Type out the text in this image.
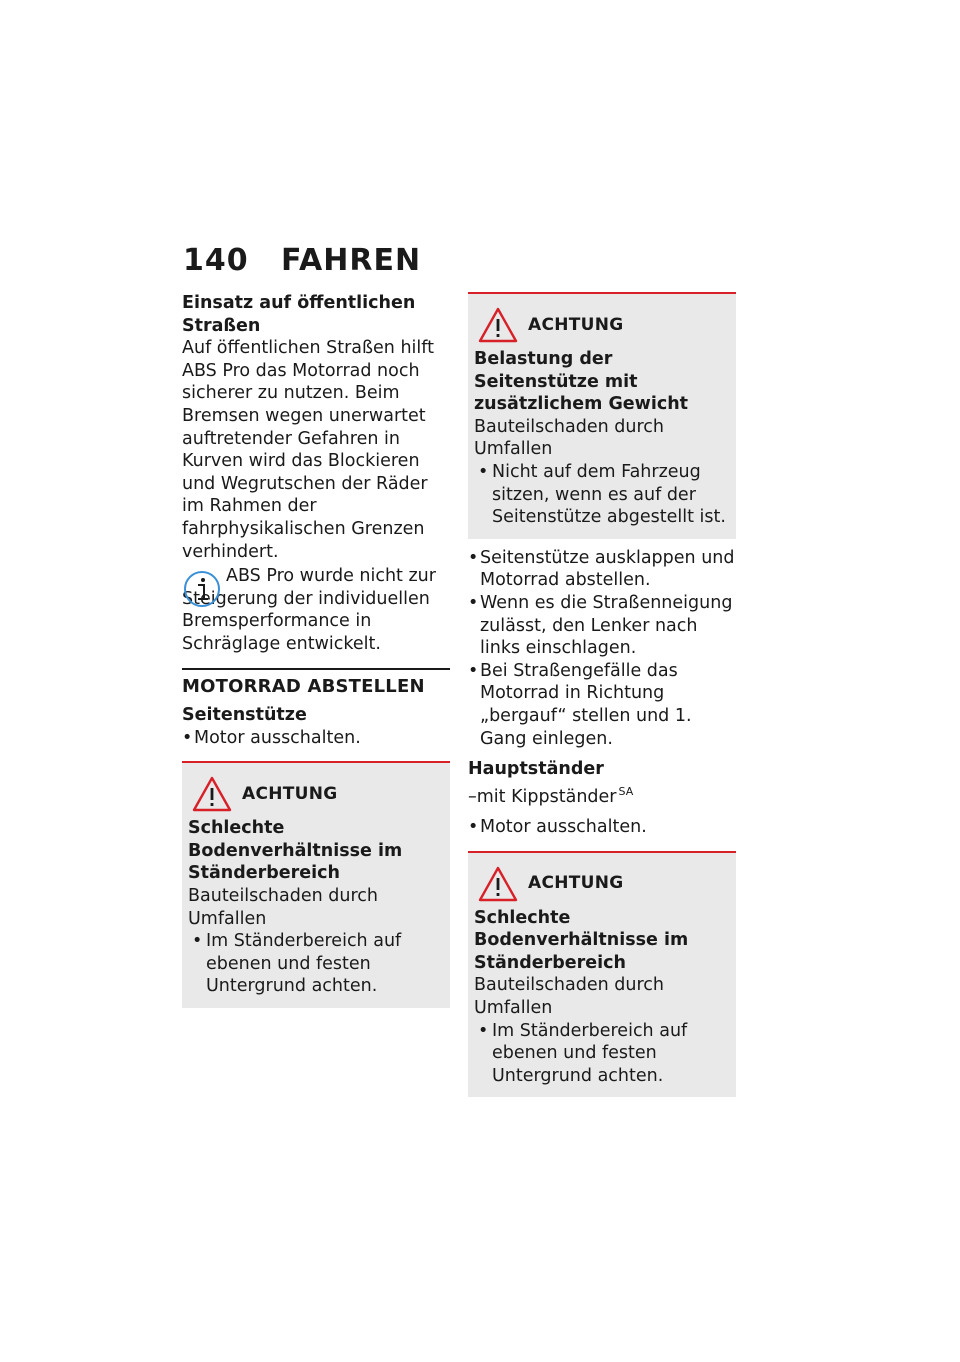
140 FAHREN
Einsatz auf öffentlichen Straßen
Auf öffentlichen Straßen hilft ABS Pro das Motorrad noch sicherer zu nutzen. Beim Bremsen wegen unerwartet auftretender Gefahren in Kurven wird das Blockieren und Wegrutschen der Räder im Rahmen der fahrphysikalischen Grenzen verhindert.
ABS Pro wurde nicht zur Steigerung der individuellen Bremsperformance in Schräglage entwickelt.
MOTORRAD ABSTELLEN
Seitenstütze
• Motor ausschalten.
ACHTUNG
Schlechte Bodenverhältnisse im Ständerbereich
Bauteilschaden durch Umfallen
• Im Ständerbereich auf ebenen und festen Untergrund achten.
ACHTUNG
Belastung der Seitenstütze mit zusätzlichem Gewicht
Bauteilschaden durch Umfallen
• Nicht auf dem Fahrzeug sitzen, wenn es auf der Seitenstütze abgestellt ist.
• Seitenstütze ausklappen und Motorrad abstellen.
• Wenn es die Straßenneigung zulässt, den Lenker nach links einschlagen.
• Bei Straßengefälle das Motorrad in Richtung „bergauf“ stellen und 1. Gang einlegen.
Hauptständer
–mit Kippständer $^{SA}$
• Motor ausschalten.
ACHTUNG
Schlechte Bodenverhältnisse im Ständerbereich
Bauteilschaden durch Umfallen
• Im Ständerbereich auf ebenen und festen Untergrund achten.
